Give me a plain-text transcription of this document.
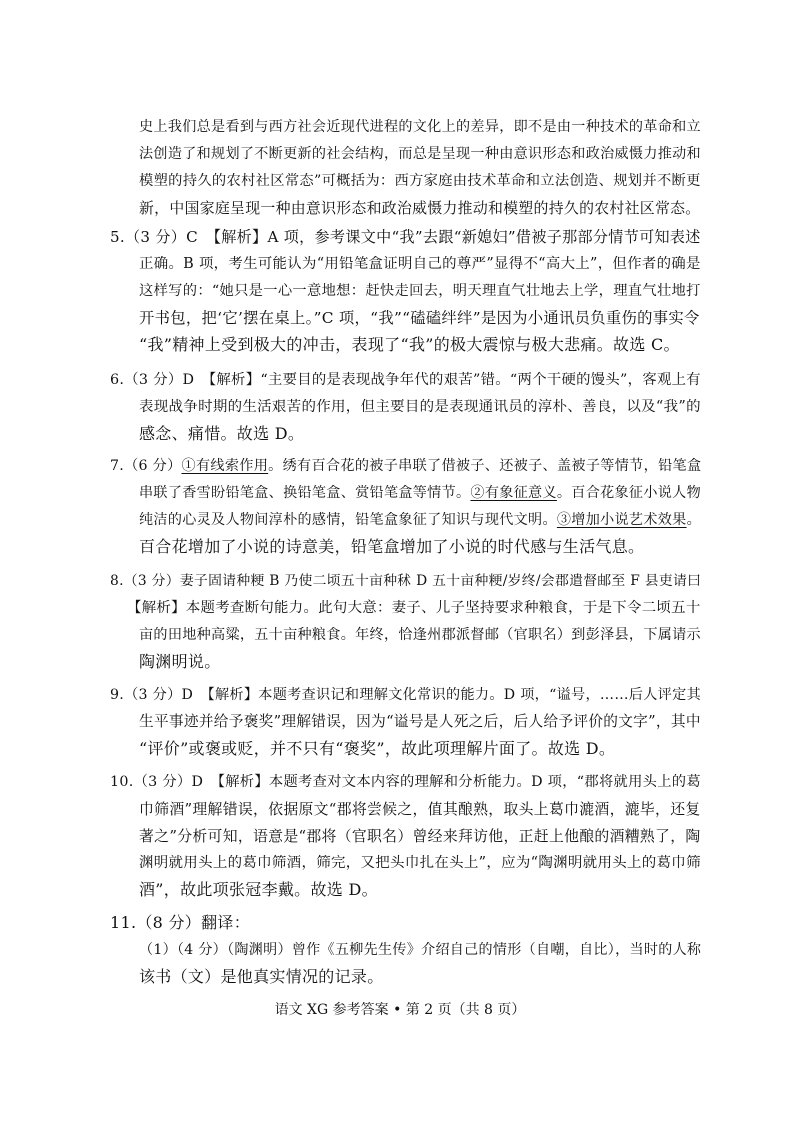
史上我们总是看到与西方社会近现代进程的文化上的差异，即不是由一种技术的革命和立
法创造了和规划了不断更新的社会结构，而总是呈现一种由意识形态和政治威慑力推动和
模塑的持久的农村社区常态”可概括为：西方家庭由技术革命和立法创造、规划并不断更
新，中国家庭呈现一种由意识形态和政治威慑力推动和模塑的持久的农村社区常态。
5.（3 分）C　【解析】A 项，参考课文中“我”去跟“新媳妇”借被子那部分情节可知表述
正确。B 项，考生可能认为“用铅笔盒证明自己的尊严”显得不“高大上”，但作者的确是
这样写的：“她只是一心一意地想：赶快走回去，明天理直气壮地去上学，理直气壮地打
开书包，把‘它’摆在桌上。”C 项，“我”“磕磕绊绊”是因为小通讯员负重伤的事实令
“我”精神上受到极大的冲击，表现了“我”的极大震惊与极大悲痛。故选 C。
6.（3 分）D　【解析】“主要目的是表现战争年代的艰苦”错。“两个干硬的馒头”，客观上有
表现战争时期的生活艰苦的作用，但主要目的是表现通讯员的淳朴、善良，以及“我”的
感念、痛惜。故选 D。
7.（6 分）①有线索作用。绣有百合花的被子串联了借被子、还被子、盖被子等情节，铅笔盒
串联了香雪盼铅笔盒、换铅笔盒、赏铅笔盒等情节。②有象征意义。百合花象征小说人物
纯洁的心灵及人物间淳朴的感情，铅笔盒象征了知识与现代文明。③增加小说艺术效果。
百合花增加了小说的诗意美，铅笔盒增加了小说的时代感与生活气息。
8.（3 分）妻子固请种粳 B 乃使二顷五十亩种秫 D 五十亩种粳/岁终/会郡遣督邮至 F 县吏请曰
【解析】本题考查断句能力。此句大意：妻子、儿子坚持要求种粮食，于是下令二顷五十
亩的田地种高粱，五十亩种粮食。年终，恰逢州郡派督邮（官职名）到彭泽县，下属请示
陶渊明说。
9.（3 分）D　【解析】本题考查识记和理解文化常识的能力。D 项，“谥号，……后人评定其
生平事迹并给予褒奖”理解错误，因为“谥号是人死之后，后人给予评价的文字”，其中
“评价”或褒或贬，并不只有“褒奖”，故此项理解片面了。故选 D。
10.（3 分）D　【解析】本题考查对文本内容的理解和分析能力。D 项，“郡将就用头上的葛
巾筛酒”理解错误，依据原文“郡将尝候之，值其酿熟，取头上葛巾漉酒，漉毕，还复
著之”分析可知，语意是“郡将（官职名）曾经来拜访他，正赶上他酿的酒糟熟了，陶
渊明就用头上的葛巾筛酒，筛完，又把头巾扎在头上”，应为“陶渊明就用头上的葛巾筛
酒”，故此项张冠李戴。故选 D。
11.（8 分）翻译：
（1）（4 分）（陶渊明）曾作《五柳先生传》介绍自己的情形（自嘲，自比），当时的人称
该书（文）是他真实情况的记录。
语文 XG 参考答案 • 第 2 页（共 8 页）
